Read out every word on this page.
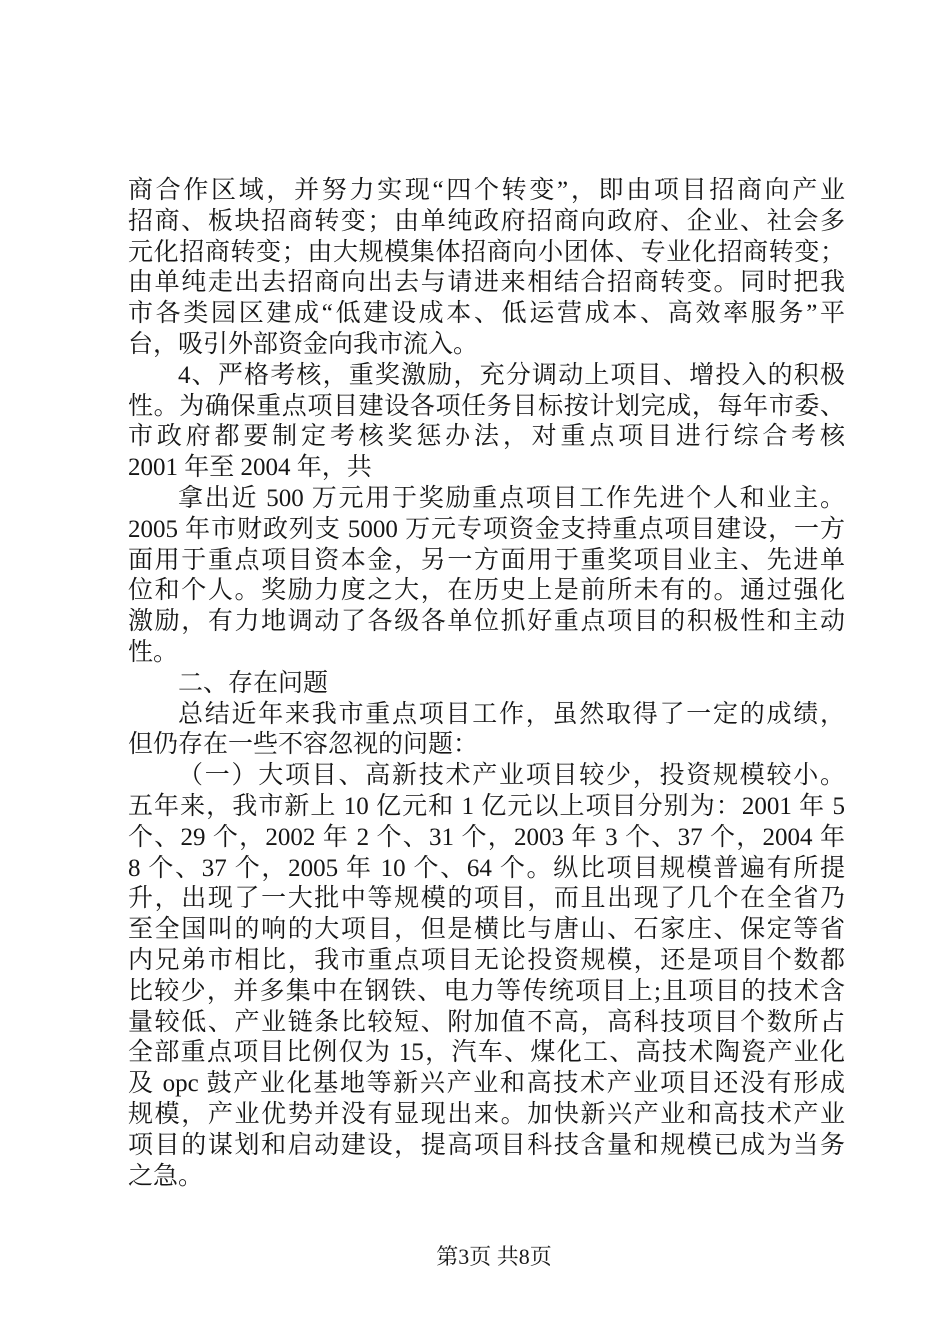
商合作区域，并努力实现“四个转变”，即由项目招商向产业
招商、板块招商转变；由单纯政府招商向政府、企业、社会多
元化招商转变；由大规模集体招商向小团体、专业化招商转变；
由单纯走出去招商向出去与请进来相结合招商转变。同时把我
市各类园区建成“低建设成本、低运营成本、高效率服务”平
台，吸引外部资金向我市流入。
4、严格考核，重奖激励，充分调动上项目、增投入的积极
性。为确保重点项目建设各项任务目标按计划完成，每年市委、
市政府都要制定考核奖惩办法，对重点项目进行综合考核
2001 年至 2004 年，共
拿出近 500 万元用于奖励重点项目工作先进个人和业主。
2005 年市财政列支 5000 万元专项资金支持重点项目建设，一方
面用于重点项目资本金，另一方面用于重奖项目业主、先进单
位和个人。奖励力度之大，在历史上是前所未有的。通过强化
激励，有力地调动了各级各单位抓好重点项目的积极性和主动
性。
二、存在问题
总结近年来我市重点项目工作，虽然取得了一定的成绩，
但仍存在一些不容忽视的问题：
（一）大项目、高新技术产业项目较少，投资规模较小。
五年来，我市新上 10 亿元和 1 亿元以上项目分别为：2001 年 5
个、29 个，2002 年 2 个、31 个，2003 年 3 个、37 个，2004 年
8 个、37 个，2005 年 10 个、64 个。纵比项目规模普遍有所提
升，出现了一大批中等规模的项目，而且出现了几个在全省乃
至全国叫的响的大项目，但是横比与唐山、石家庄、保定等省
内兄弟市相比，我市重点项目无论投资规模，还是项目个数都
比较少，并多集中在钢铁、电力等传统项目上;且项目的技术含
量较低、产业链条比较短、附加值不高，高科技项目个数所占
全部重点项目比例仅为 15，汽车、煤化工、高技术陶瓷产业化
及 opc 鼓产业化基地等新兴产业和高技术产业项目还没有形成
规模，产业优势并没有显现出来。加快新兴产业和高技术产业
项目的谋划和启动建设，提高项目科技含量和规模已成为当务
之急。
第3页 共8页
